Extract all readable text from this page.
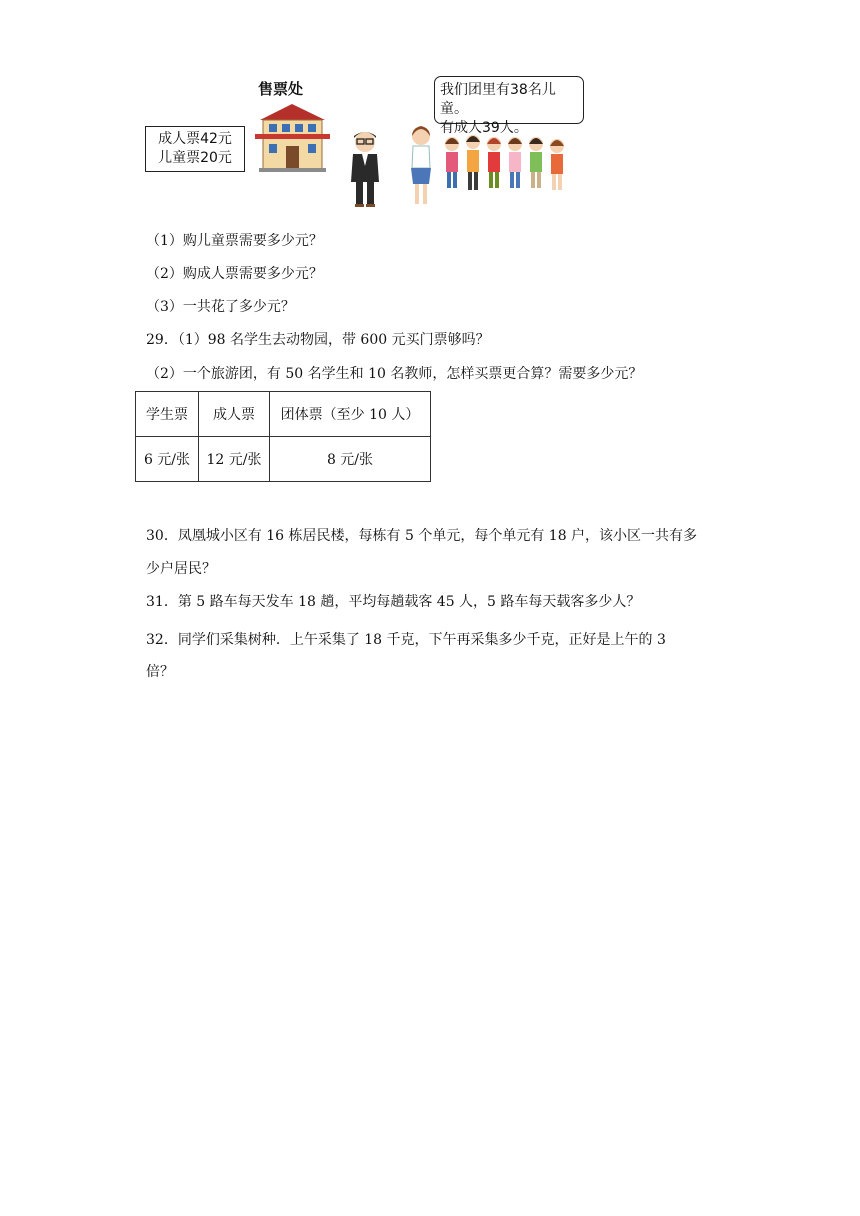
成人票42元
儿童票20元
售票处	我们团里有38名儿童。
有成人39人。
（1）购儿童票需要多少元？
（2）购成人票需要多少元？
（3）一共花了多少元？
29．（1）98 名学生去动物园，带 600 元买门票够吗？
（2）一个旅游团，有 50 名学生和 10 名教师，怎样买票更合算？需要多少元？
学生票	成人票	团体票（至少 10 人）
6 元/张	12 元/张	8 元/张
30．凤凰城小区有 16 栋居民楼，每栋有 5 个单元，每个单元有 18 户，该小区一共有多
少户居民？
31．第 5 路车每天发车 18 趟，平均每趟载客 45 人，5 路车每天载客多少人？
32．同学们采集树种．上午采集了 18 千克，下午再采集多少千克，正好是上午的 3
倍？
